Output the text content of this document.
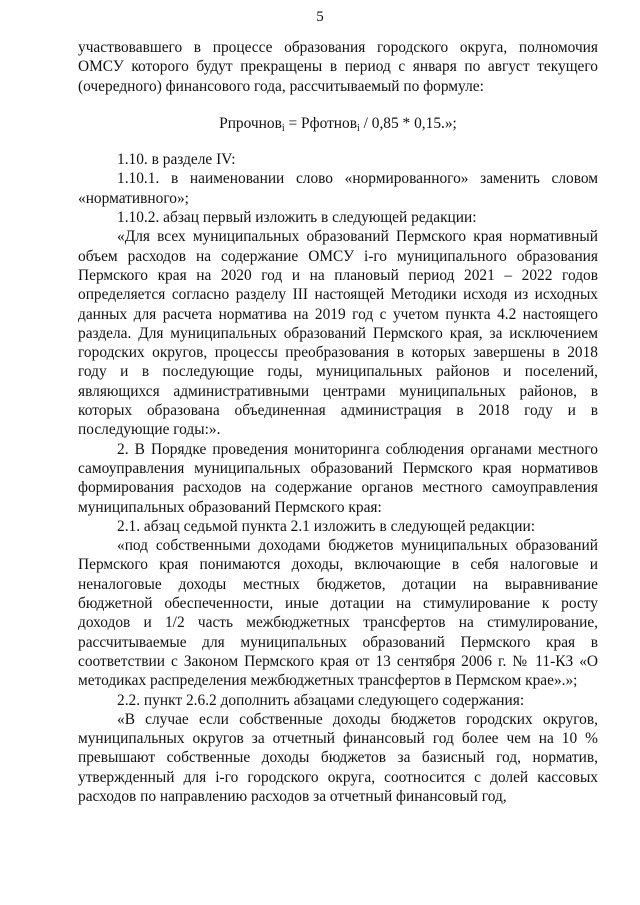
5

участвовавшего в процессе образования городского округа, полномочия ОМСУ которого будут прекращены в период с января по август текущего (очередного) финансового года, рассчитываемый по формуле:

Рпрочнов$_i$ = Рфотнов$_i$ / 0,85 * 0,15.»;

1.10. в разделе IV:

1.10.1. в наименовании слово «нормированного» заменить словом «нормативного»;

1.10.2. абзац первый изложить в следующей редакции:

«Для всех муниципальных образований Пермского края нормативный объем расходов на содержание ОМСУ i-го муниципального образования Пермского края на 2020 год и на плановый период 2021 – 2022 годов определяется согласно разделу III настоящей Методики исходя из исходных данных для расчета норматива на 2019 год с учетом пункта 4.2 настоящего раздела. Для муниципальных образований Пермского края, за исключением городских округов, процессы преобразования в которых завершены в 2018 году и в последующие годы, муниципальных районов и поселений, являющихся административными центрами муниципальных районов, в которых образована объединенная администрация в 2018 году и в последующие годы:».

2. В Порядке проведения мониторинга соблюдения органами местного самоуправления муниципальных образований Пермского края нормативов формирования расходов на содержание органов местного самоуправления муниципальных образований Пермского края:

2.1. абзац седьмой пункта 2.1 изложить в следующей редакции:

«под собственными доходами бюджетов муниципальных образований Пермского края понимаются доходы, включающие в себя налоговые и неналоговые доходы местных бюджетов, дотации на выравнивание бюджетной обеспеченности, иные дотации на стимулирование к росту доходов и 1/2 часть межбюджетных трансфертов на стимулирование, рассчитываемые для муниципальных образований Пермского края в соответствии с Законом Пермского края от 13 сентября 2006 г. № 11-КЗ «О методиках распределения межбюджетных трансфертов в Пермском крае».»;

2.2. пункт 2.6.2 дополнить абзацами следующего содержания:

«В случае если собственные доходы бюджетов городских округов, муниципальных округов за отчетный финансовый год более чем на 10 % превышают собственные доходы бюджетов за базисный год, норматив, утвержденный для i-го городского округа, соотносится с долей кассовых расходов по направлению расходов за отчетный финансовый год,
